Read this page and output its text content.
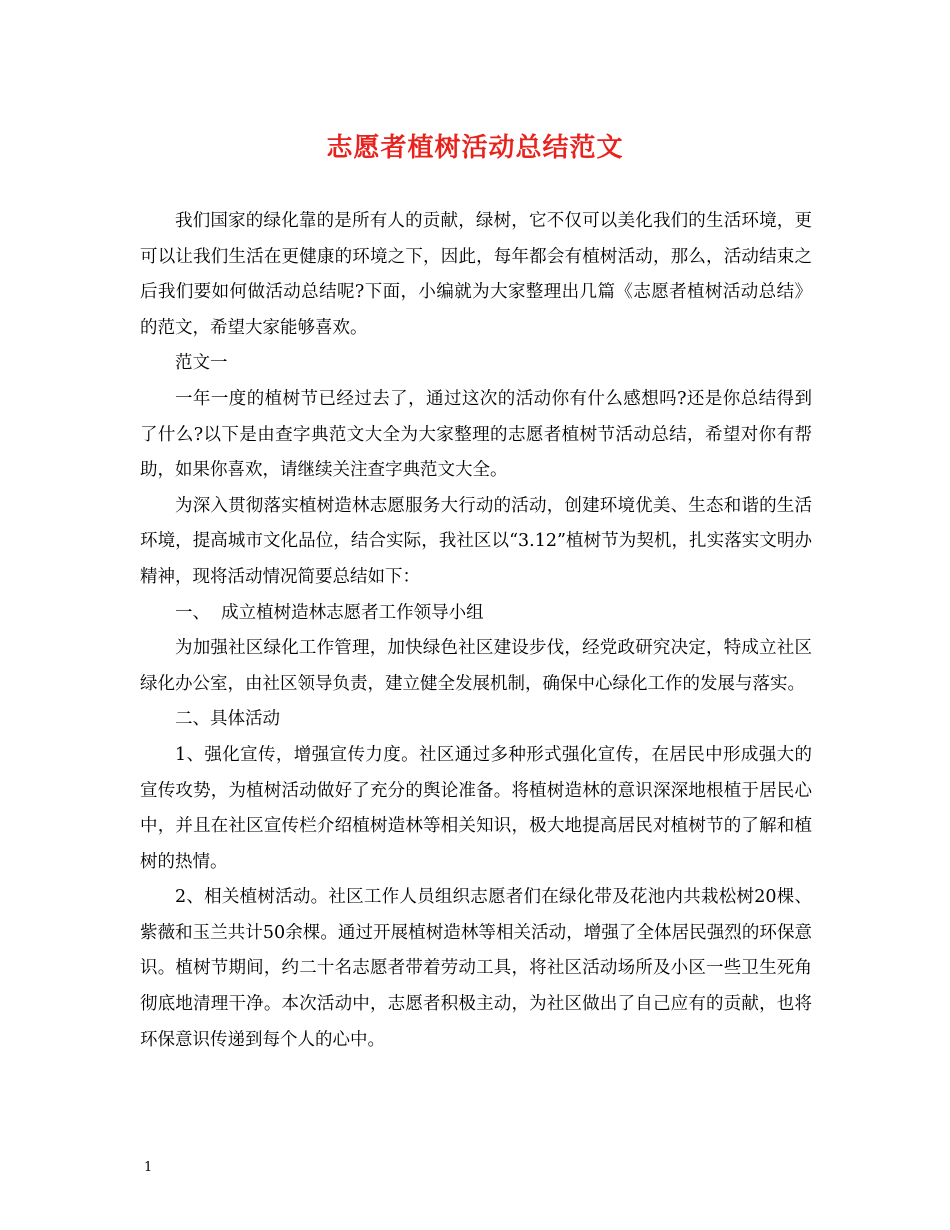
志愿者植树活动总结范文

我们国家的绿化靠的是所有人的贡献，绿树，它不仅可以美化我们的生活环境，更可以让我们生活在更健康的环境之下，因此，每年都会有植树活动，那么，活动结束之后我们要如何做活动总结呢?下面，小编就为大家整理出几篇《志愿者植树活动总结》的范文，希望大家能够喜欢。

范文一

一年一度的植树节已经过去了，通过这次的活动你有什么感想吗?还是你总结得到了什么?以下是由查字典范文大全为大家整理的志愿者植树节活动总结，希望对你有帮助，如果你喜欢，请继续关注查字典范文大全。

为深入贯彻落实植树造林志愿服务大行动的活动，创建环境优美、生态和谐的生活环境，提高城市文化品位，结合实际，我社区以“3.12”植树节为契机，扎实落实文明办精神，现将活动情况简要总结如下：

一、  成立植树造林志愿者工作领导小组

为加强社区绿化工作管理，加快绿色社区建设步伐，经党政研究决定，特成立社区绿化办公室，由社区领导负责，建立健全发展机制，确保中心绿化工作的发展与落实。

二、具体活动

1、强化宣传，增强宣传力度。社区通过多种形式强化宣传，在居民中形成强大的宣传攻势，为植树活动做好了充分的舆论准备。将植树造林的意识深深地根植于居民心中，并且在社区宣传栏介绍植树造林等相关知识，极大地提高居民对植树节的了解和植树的热情。

2、相关植树活动。社区工作人员组织志愿者们在绿化带及花池内共栽松树20棵、紫薇和玉兰共计50余棵。通过开展植树造林等相关活动，增强了全体居民强烈的环保意识。植树节期间，约二十名志愿者带着劳动工具，将社区活动场所及小区一些卫生死角彻底地清理干净。本次活动中，志愿者积极主动，为社区做出了自己应有的贡献，也将环保意识传递到每个人的心中。

1
